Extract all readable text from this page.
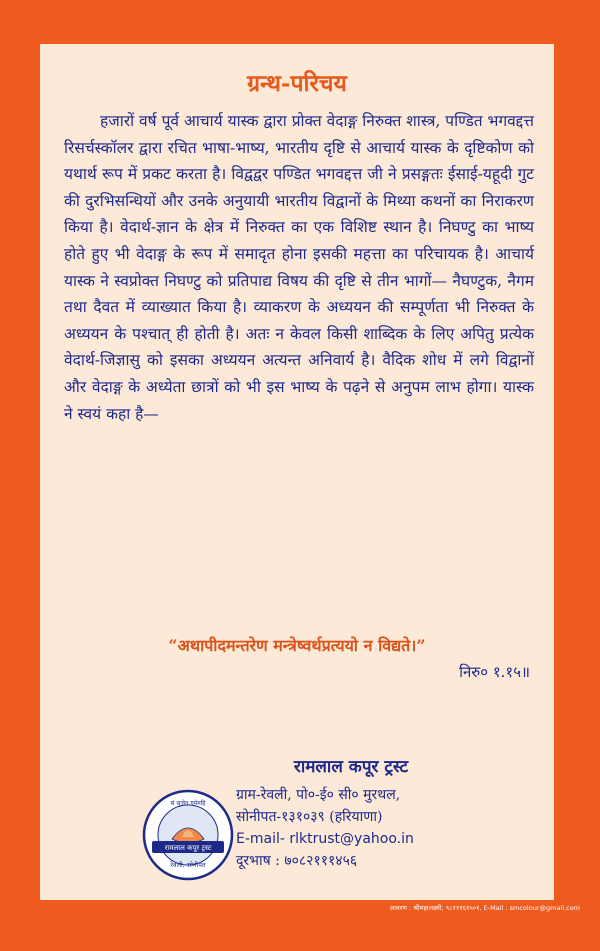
ग्रन्थ-परिचय
हजारों वर्ष पूर्व आचार्य यास्क द्वारा प्रोक्त वेदाङ्ग निरुक्त शास्त्र, पण्डित भगवद्दत्त रिसर्चस्कॉलर द्वारा रचित भाषा-भाष्य, भारतीय दृष्टि से आचार्य यास्क के दृष्टिकोण को यथार्थ रूप में प्रकट करता है। विद्वद्वर पण्डित भगवद्दत्त जी ने प्रसङ्गतः ईसाई-यहूदी गुट की दुरभिसन्धियों और उनके अनुयायी भारतीय विद्वानों के मिथ्या कथनों का निराकरण किया है। वेदार्थ-ज्ञान के क्षेत्र में निरुक्त का एक विशिष्ट स्थान है। निघण्टु का भाष्य होते हुए भी वेदाङ्ग के रूप में समादृत होना इसकी महत्ता का परिचायक है। आचार्य यास्क ने स्वप्रोक्त निघण्टु को प्रतिपाद्य विषय की दृष्टि से तीन भागों— नैघण्टुक, नैगम तथा दैवत में व्याख्यात किया है। व्याकरण के अध्ययन की सम्पूर्णता भी निरुक्त के अध्ययन के पश्चात् ही होती है। अतः न केवल किसी शाब्दिक के लिए अपितु प्रत्येक वेदार्थ-जिज्ञासु को इसका अध्ययन अत्यन्त अनिवार्य है। वैदिक शोध में लगे विद्वानों और वेदाङ्ग के अध्येता छात्रों को भी इस भाष्य के पढ़ने से अनुपम लाभ होगा। यास्क ने स्वयं कहा है—
“अथापीदमन्तरेण मन्त्रेष्वर्थप्रत्ययो न विद्यते।”
निरु० १.१५॥
रामलाल कपूर ट्रस्ट
सं सृजेन गमेमहि
रेवली, सोनीपत
रामलाल कपूर ट्रस्ट
ग्राम-रेवली, पो०-ई० सी० मुरथल,
सोनीपत-१३१०३९ (हरियाणा)
E-mail- rlktrust@yahoo.in
दूरभाष : ७०८२१११४५६
आवरण : श्रीमहालक्ष्मी; ९८१११६१५०१, E-Mail : smcolour@gmail.com
